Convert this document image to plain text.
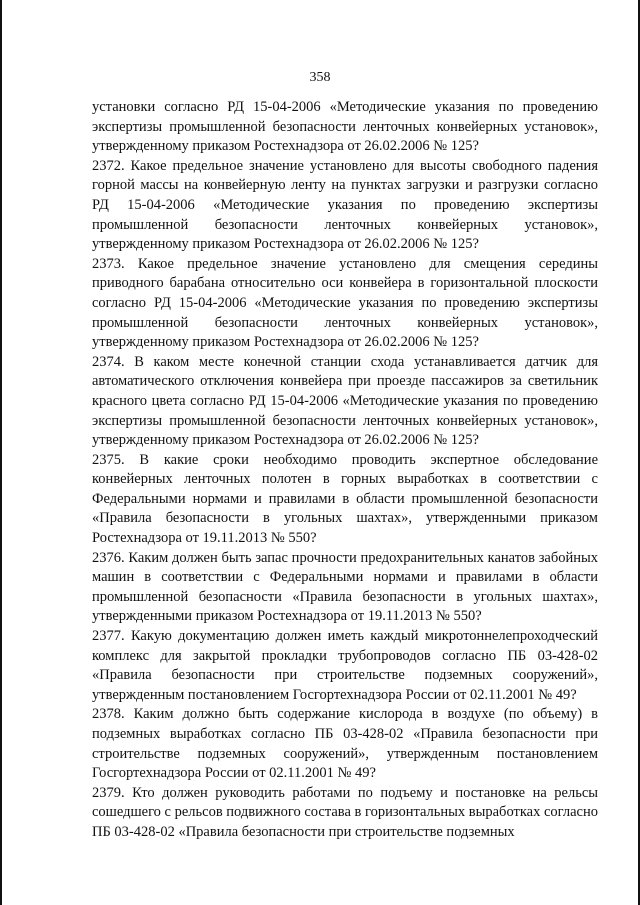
358

установки согласно РД 15-04-2006 «Методические указания по проведению экспертизы промышленной безопасности ленточных конвейерных установок», утвержденному приказом Ростехнадзора от 26.02.2006 № 125?

2372. Какое предельное значение установлено для высоты свободного падения горной массы на конвейерную ленту на пунктах загрузки и разгрузки согласно РД 15-04-2006 «Методические указания по проведению экспертизы промышленной безопасности ленточных конвейерных установок», утвержденному приказом Ростехнадзора от 26.02.2006 № 125?

2373. Какое предельное значение установлено для смещения середины приводного барабана относительно оси конвейера в горизонтальной плоскости согласно РД 15-04-2006 «Методические указания по проведению экспертизы промышленной безопасности ленточных конвейерных установок», утвержденному приказом Ростехнадзора от 26.02.2006 № 125?

2374. В каком месте конечной станции схода устанавливается датчик для автоматического отключения конвейера при проезде пассажиров за светильник красного цвета согласно РД 15-04-2006 «Методические указания по проведению экспертизы промышленной безопасности ленточных конвейерных установок», утвержденному приказом Ростехнадзора от 26.02.2006 № 125?

2375. В какие сроки необходимо проводить экспертное обследование конвейерных ленточных полотен в горных выработках в соответствии с Федеральными нормами и правилами в области промышленной безопасности «Правила безопасности в угольных шахтах», утвержденными приказом Ростехнадзора от 19.11.2013 № 550?

2376. Каким должен быть запас прочности предохранительных канатов забойных машин в соответствии с Федеральными нормами и правилами в области промышленной безопасности «Правила безопасности в угольных шахтах», утвержденными приказом Ростехнадзора от 19.11.2013 № 550?

2377. Какую документацию должен иметь каждый микротоннелепроходческий комплекс для закрытой прокладки трубопроводов согласно ПБ 03-428-02 «Правила безопасности при строительстве подземных сооружений», утвержденным постановлением Госгортехнадзора России от 02.11.2001 № 49?

2378. Каким должно быть содержание кислорода в воздухе (по объему) в подземных выработках согласно ПБ 03-428-02 «Правила безопасности при строительстве подземных сооружений», утвержденным постановлением Госгортехнадзора России от 02.11.2001 № 49?

2379. Кто должен руководить работами по подъему и постановке на рельсы сошедшего с рельсов подвижного состава в горизонтальных выработках согласно ПБ 03-428-02 «Правила безопасности при строительстве подземных
